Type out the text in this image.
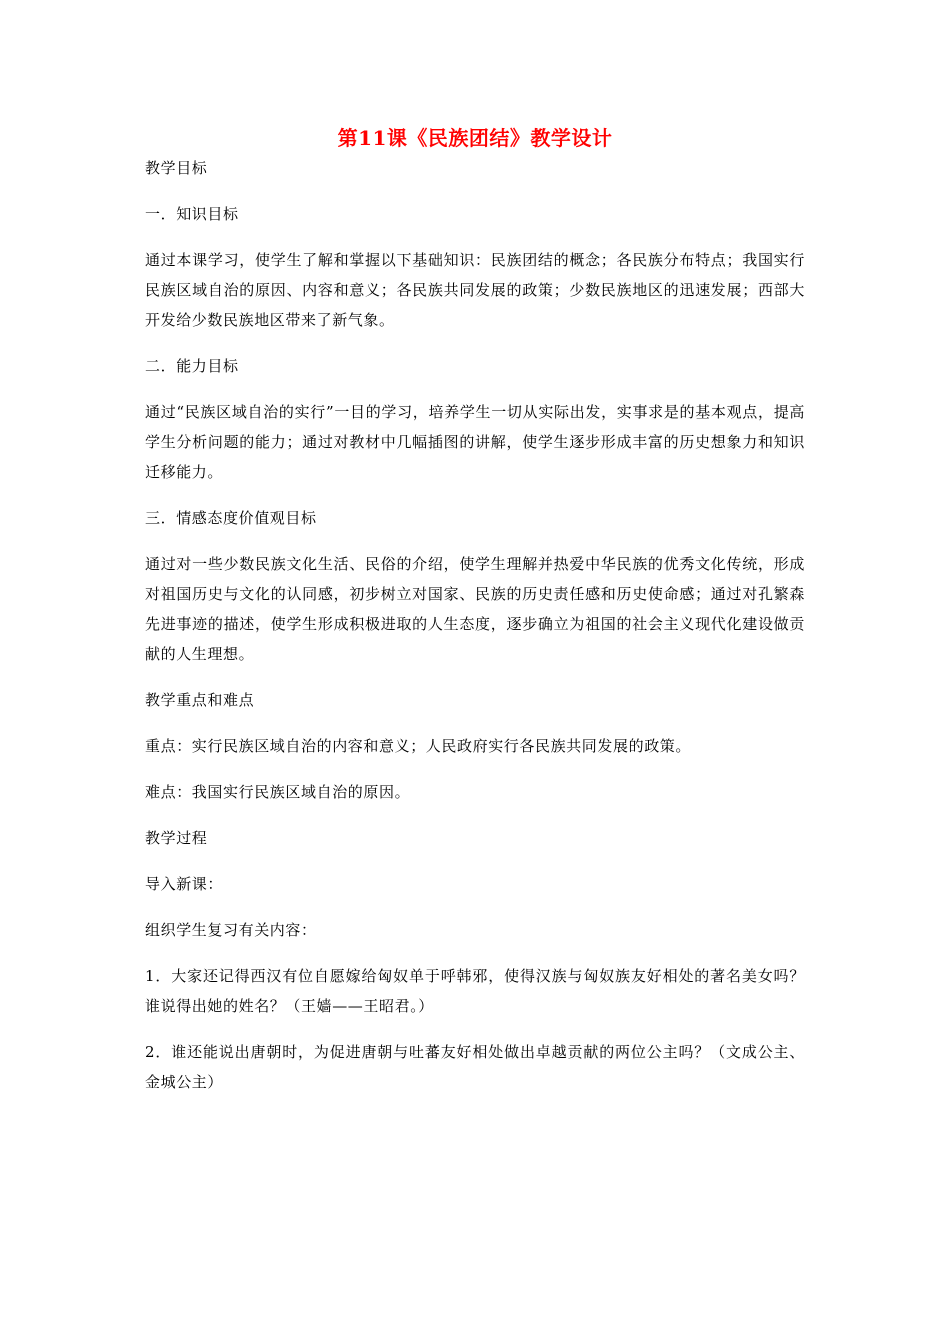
第11课《民族团结》教学设计

教学目标

一．知识目标

通过本课学习，使学生了解和掌握以下基础知识：民族团结的概念；各民族分布特点；我国实行民族区域自治的原因、内容和意义；各民族共同发展的政策；少数民族地区的迅速发展；西部大开发给少数民族地区带来了新气象。

二．能力目标

通过“民族区域自治的实行”一目的学习，培养学生一切从实际出发，实事求是的基本观点，提高学生分析问题的能力；通过对教材中几幅插图的讲解，使学生逐步形成丰富的历史想象力和知识迁移能力。

三．情感态度价值观目标

通过对一些少数民族文化生活、民俗的介绍，使学生理解并热爱中华民族的优秀文化传统，形成对祖国历史与文化的认同感，初步树立对国家、民族的历史责任感和历史使命感；通过对孔繁森先进事迹的描述，使学生形成积极进取的人生态度，逐步确立为祖国的社会主义现代化建设做贡献的人生理想。

教学重点和难点

重点：实行民族区域自治的内容和意义；人民政府实行各民族共同发展的政策。

难点：我国实行民族区域自治的原因。

教学过程

导入新课：

组织学生复习有关内容：

1．大家还记得西汉有位自愿嫁给匈奴单于呼韩邪，使得汉族与匈奴族友好相处的著名美女吗？谁说得出她的姓名？（王嫱——王昭君。）

2．谁还能说出唐朝时，为促进唐朝与吐蕃友好相处做出卓越贡献的两位公主吗？（文成公主、金城公主）
